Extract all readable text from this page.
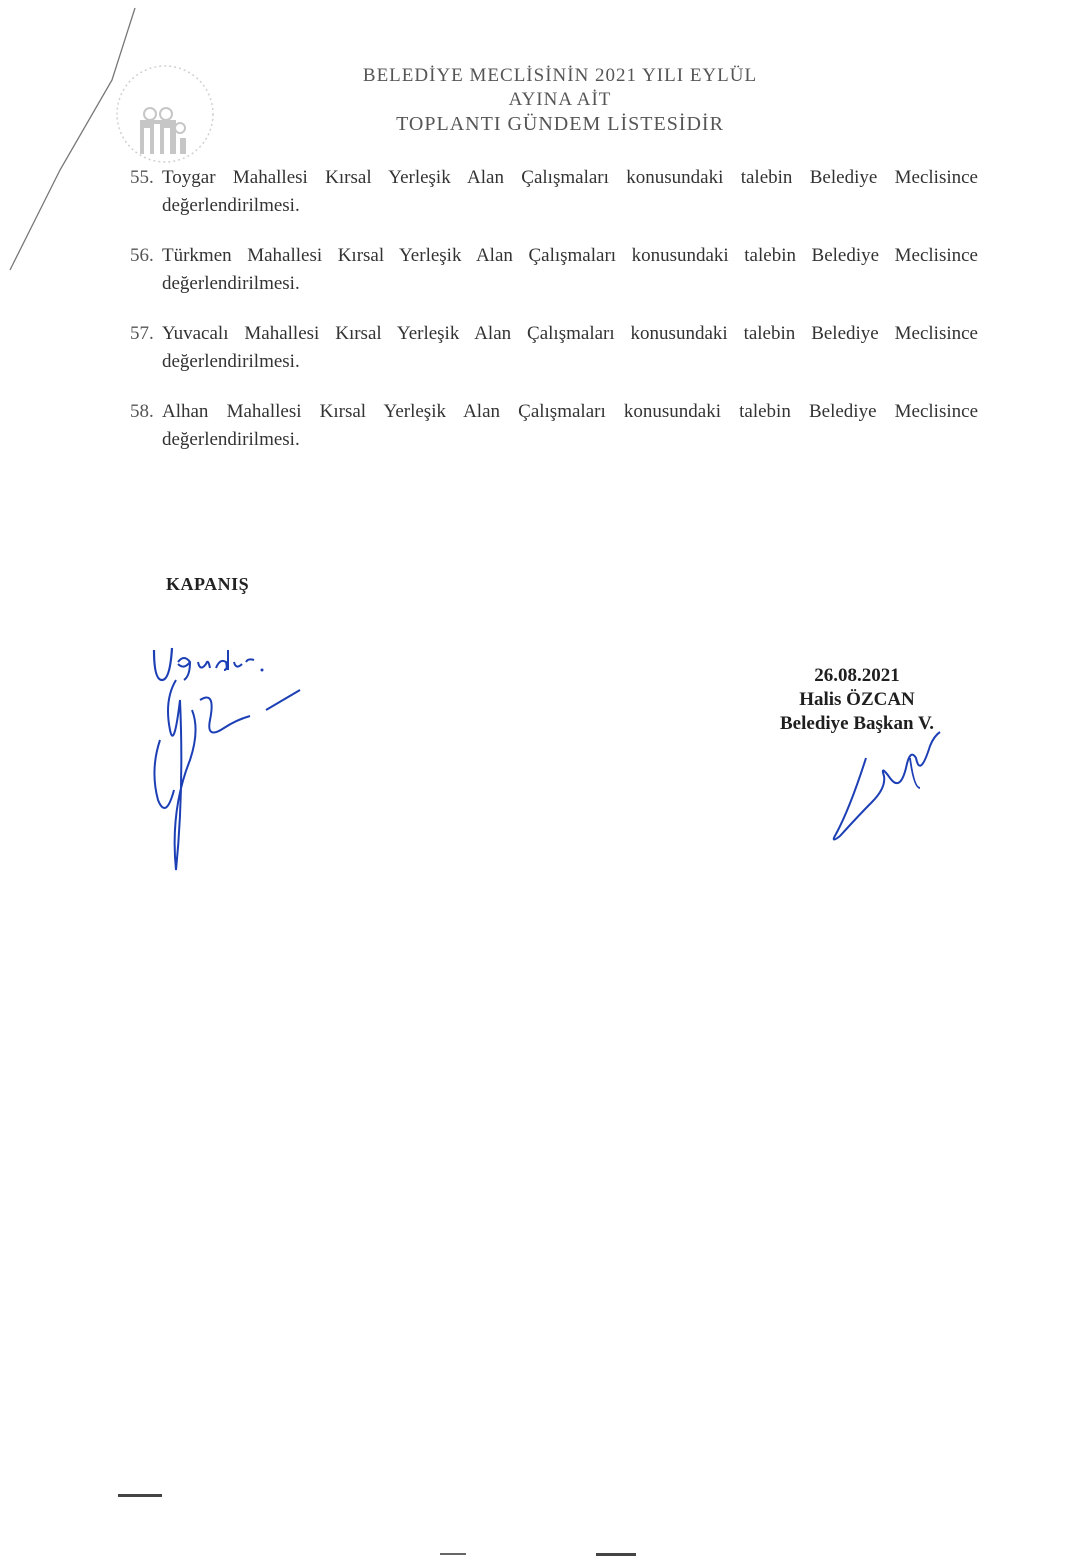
BELEDİYE MECLİSİNİN 2021 YILI EYLÜL
AYINA AİT
TOPLANTI GÜNDEM LİSTESİDİR
55. Toygar Mahallesi Kırsal Yerleşik Alan Çalışmaları konusundaki talebin Belediye Meclisince değerlendirilmesi.
56. Türkmen Mahallesi Kırsal Yerleşik Alan Çalışmaları konusundaki talebin Belediye Meclisince değerlendirilmesi.
57. Yuvacalı Mahallesi Kırsal Yerleşik Alan Çalışmaları konusundaki talebin Belediye Meclisince değerlendirilmesi.
58. Alhan Mahallesi Kırsal Yerleşik Alan Çalışmaları konusundaki talebin Belediye Meclisince değerlendirilmesi.
KAPANIŞ
26.08.2021
Halis ÖZCAN
Belediye Başkan V.
